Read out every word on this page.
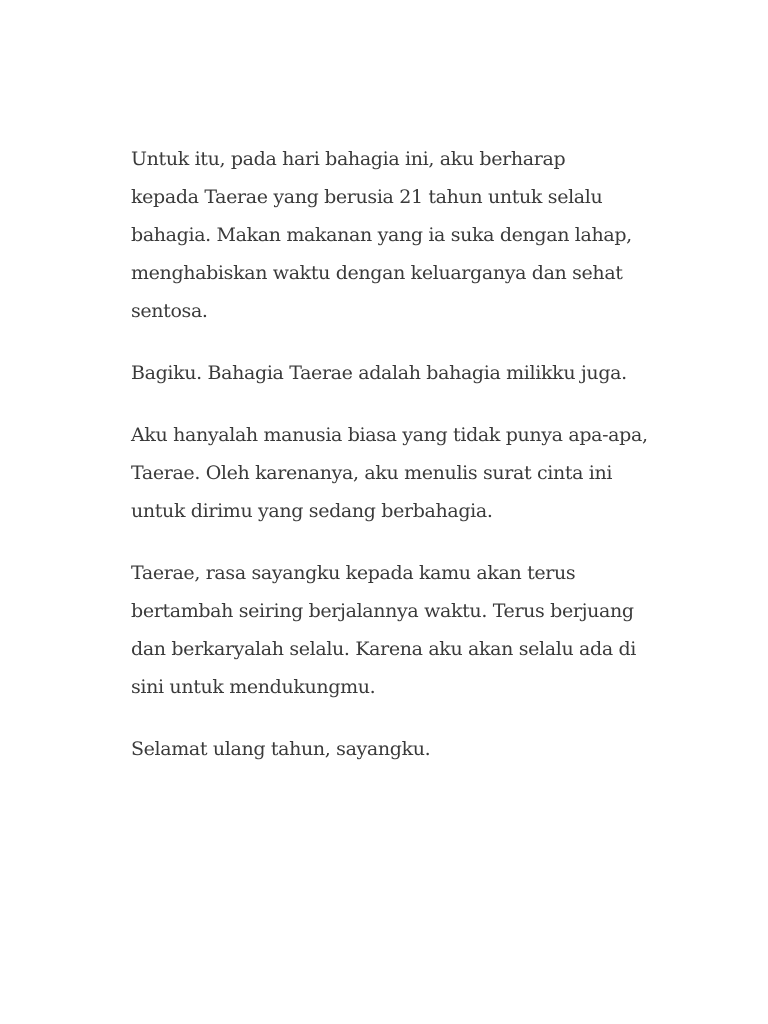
Untuk itu, pada hari bahagia ini, aku berharap
kepada Taerae yang berusia 21 tahun untuk selalu
bahagia. Makan makanan yang ia suka dengan lahap,
menghabiskan waktu dengan keluarganya dan sehat
sentosa.

Bagiku. Bahagia Taerae adalah bahagia milikku juga.

Aku hanyalah manusia biasa yang tidak punya apa-apa,
Taerae. Oleh karenanya, aku menulis surat cinta ini
untuk dirimu yang sedang berbahagia.

Taerae, rasa sayangku kepada kamu akan terus
bertambah seiring berjalannya waktu. Terus berjuang
dan berkaryalah selalu. Karena aku akan selalu ada di
sini untuk mendukungmu.

Selamat ulang tahun, sayangku.
